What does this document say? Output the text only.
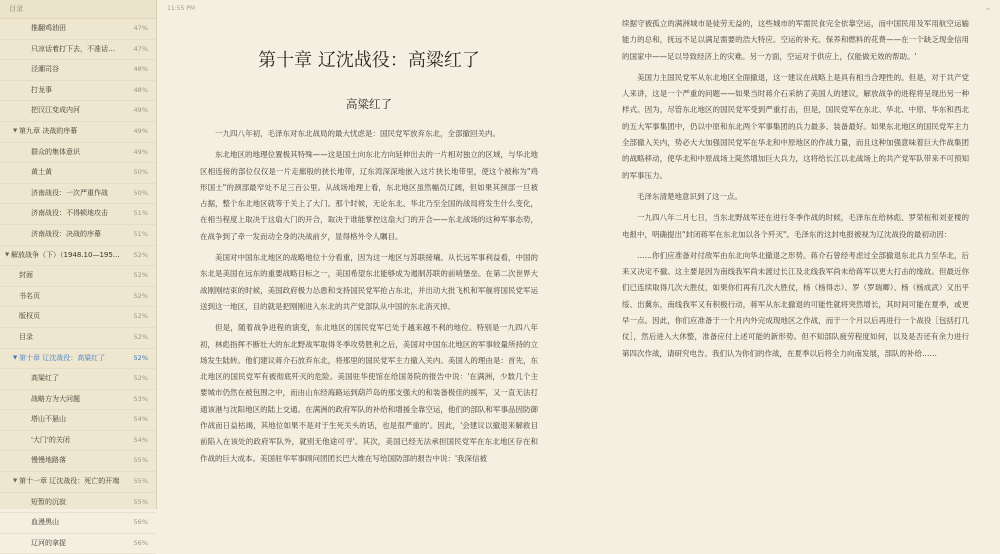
目录
推翻鸡油田	47%
只凉话着打下去，不准话…	47%
泾潮司谷	48%
打龙事	48%
把汉江变成内河	49%
▼ 第九章 决战的序幕	49%
群众的集体意识	49%
黄土黄	50%
济南战役：一次严重作战	50%
济南战役：不得顿地攻击	51%
济南战役：决战的序幕	51%
▼ 解放战争（下）（1948.10—195…	52%
封面	52%
书名页	52%
版权页	52%
目录	52%
▼ 第十章 辽沈战役：高粱红了	52%
高粱红了	52%
战略方为大问题	53%
塔山不悬山	54%
'大门'的关闭	54%
慢慢地路落	55%
▼ 第十一章 辽沈战役：死亡的开端	55%
短暂的沉寂	55%
血漫黑山	56%
辽河的拿捉	56%
11:55 PM	⌄
第十章 辽沈战役：高粱红了
高粱红了

一九四八年初，毛泽东对东北战局的最大忧虑是：国民党军放弃东北，全部撤回关内。

东北地区的地理位置极其特殊——这是国土向东北方向延伸出去的一片相对独立的区域，与华北地区相连接的部位仅仅是一片走廊般的狭长地带，辽东湾深深地嵌入这片狭长地带里，使这个被称为"鸡形国土"的颈部最窄处不足三百公里。从战场地理上看，东北地区虽然幅员辽阔，但如果其颈部一旦被占据，整个东北地区就等于关上了大门。那个时候，无论东北、华北乃至全国的战局将发生什么变化，在相当程度上取决于这扇大门的开合，取决于谁能掌控这扇大门的开合——东北战场的这种军事态势，在战争到了牵一发而动全身的决战前夕，显得格外令人瞩目。

美国对中国东北地区的战略地位十分看重，因为这一地区与苏联接壤。从长远军事利益看，中国的东北是美国在远东的重要战略目标之一，美国希望东北能够成为遏制苏联的前哨堡垒。在第二次世界大战刚刚结束的时候，美国政府极力怂恿和支持国民党军抢占东北，并出动大批飞机和军舰将国民党军运送到这一地区，目的就是把刚刚进入东北的共产党部队从中国的东北消灭掉。

但是，随着战争进程的演变，东北地区的国民党军已处于越来越不利的地位。特别是一九四八年初，林彪指挥不断壮大的东北野战军取得冬季攻势胜利之后，美国对中国东北地区的军事较量所持的立场发生陆转。他们建议蒋介石放弃东北，将那里的国民党军主力撤入关内。美国人的理由是：首先，东北地区的国民党军有被彻底歼灭的危险。美国驻华使馆在给国务院的报告中说：'在满洲，少数几个主要城市仍然在被包围之中，而由山东经海路运到葫芦岛的那支强大的和装备极佳的援军，又一直无法打通该港与沈阳地区的陆上交通。在满洲的政府军队的补给和增援全靠空运，他们的部队和军事品因防御作战而日益枯竭，其地位如果不是对于生死关头的话，也是很严重的'。因此，'会建议以撤退来解救目前陷入在该处的政府军队外，就别无他途可寻'。其次，美国已经无法承担国民党军在东北地区存在和作战的巨大成本。美国驻华军事顾问团团长巴大维在写给国防部的报告中说：'我深信被

续据守被孤立的满洲城市是徒劳无益的，这些城市的军需民食完全依靠空运，而中国民用及军用航空运输能力的总和，抚远不足以满足需要的浩大特应。空运的补充、保养和燃料的花费——在一个缺乏现金信用的国家中——足以导致经济上的灾难。另一方面，空运对于供应上，仅能做无效的帮助。'

美国力主国民党军从东北地区全面撤退，这一建议在战略上是具有相当合理性的。但是，对于共产党人来讲，这是一个严重的问题——如果当时蒋介石采纳了美国人的建议，解放战争的进程将呈现出另一种样式。因为，尽管东北地区的国民党军受到严重打击，但是，国民党军在东北、华北、中原、华东和西北的五大军事集团中，仍以中原和东北两个军事集团的兵力最多、装备最好。如果东北地区的国民党军主力全部撤入关内，势必大大加强国民党军在华北和中原地区的作战力量，而且这种加强意味着巨大作战集团的战略移动，使华北和中原战场上陡然增加巨大兵力，这将给长江以北战场上的共产党军队带来不可预知的军事压力。

毛泽东清楚地意识到了这一点。

一九四八年二月七日，当东北野战军还在进行冬季作战的时候，毛泽东在给林彪、罗荣桓和刘亚楼的电报中，明确提出"封闭蒋军在东北加以各个歼灭"。毛泽东的这封电报被视为辽沈战役的最初动因：

……你们应准备对付敌军由东北向华北撤退之形势。蒋介石曾经考虑过全部撤退东北兵力至华北，后来又决定不撤。这主要是因为南线我军尚未渡过长江及北线我军尚未给蒋军以更大打击的缘故。但最近你们已连续取得几次大胜仗，如果你们再有几次大胜仗，杨（杨得志）、罗（罗瑞卿）、杨（杨成武）又出平绥、出冀东，南线我军又有积极行动，蒋军从东北撤退的可能性就将突然增长，其时间可能在夏季，或更早一点。因此，你们应准备于一个月内外完成现地区之作战，而于一个月以后再进行一个战役［包括打几仗］，然后进入大休整，准备应付上述可能的新形势。但不知部队疲劳程度如何，以及是否还有余力进行第四次作战，请研究电告。我们认为你们的作战，在夏季以后将全力向南发展，部队的补给……
